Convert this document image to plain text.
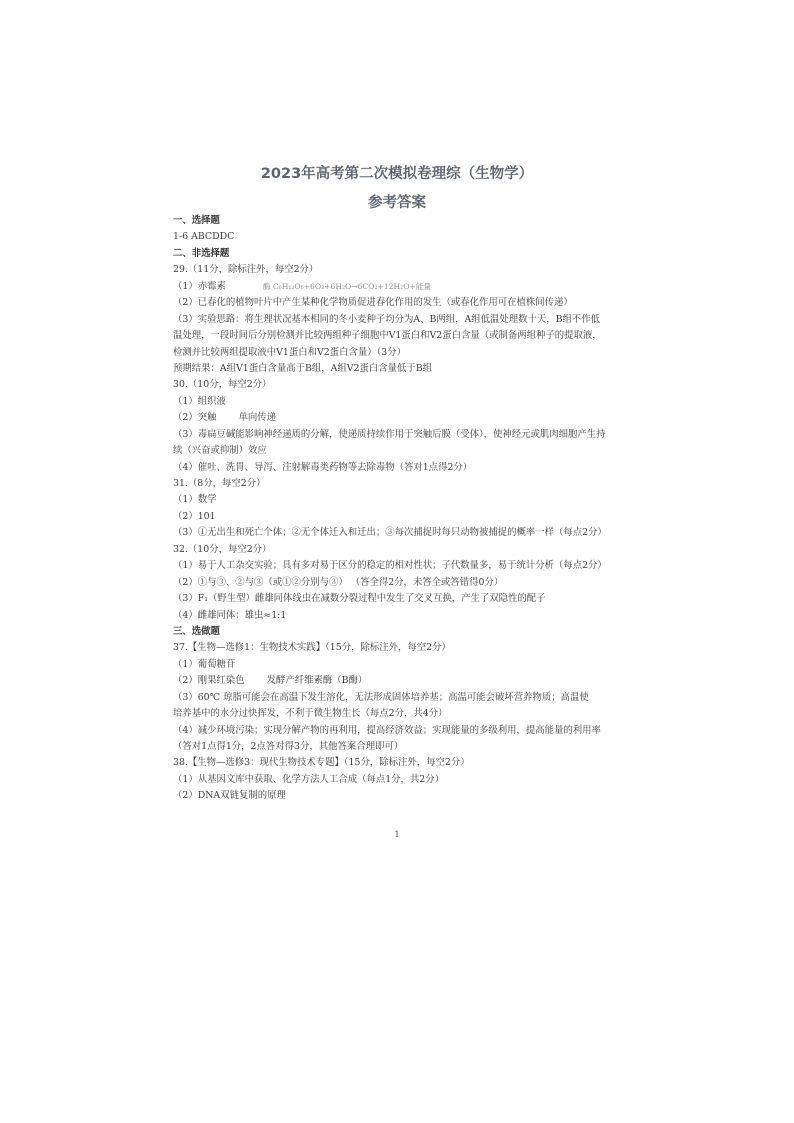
2023年高考第二次模拟卷理综（生物学）
参考答案
一、选择题
1-6 ABCDDC
二、非选择题
29.（11分，除标注外，每空2分）
（1）赤霉素	酶 C₆H₁₂O₆+6O₂+6H₂O→6CO₂+12H₂O+能量
（2）已春化的植物叶片中产生某种化学物质促进春化作用的发生（或春化作用可在植株间传递）
（3）实验思路：将生理状况基本相同的冬小麦种子均分为A、B两组，A组低温处理数十天，B组不作低
温处理，一段时间后分别检测并比较两组种子细胞中V1蛋白和V2蛋白含量（或制备两组种子的提取液，
检测并比较两组提取液中V1蛋白和V2蛋白含量）（3分）
预期结果：A组V1蛋白含量高于B组，A组V2蛋白含量低于B组
30.（10分，每空2分）
（1）组织液
（2）突触 单向传递
（3）毒扁豆碱能影响神经递质的分解，使递质持续作用于突触后膜（受体），使神经元或肌肉细胞产生持
续（兴奋或抑制）效应
（4）催吐、洗胃、导泻、注射解毒类药物等去除毒物（答对1点得2分）
31.（8分，每空2分）
（1）数学
（2）101
（3）①无出生和死亡个体；②无个体迁入和迁出；③每次捕捉时每只动物被捕捉的概率一样（每点2分）
32.（10分，每空2分）
（1）易于人工杂交实验；具有多对易于区分的稳定的相对性状；子代数量多，易于统计分析（每点2分）
（2）①与③、②与③（或①②分别与③） （答全得2分，未答全或答错得0分）
（3）F₁（野生型）雌雄同体线虫在减数分裂过程中发生了交叉互换，产生了双隐性的配子
（4）雌雄同体：雄虫≈1:1
三、选做题
37.【生物—选修1：生物技术实践】（15分，除标注外，每空2分）
（1）葡萄糖苷
（2）刚果红染色 发酵产纤维素酶（B酶）
（3）60℃ 琼脂可能会在高温下发生溶化，无法形成固体培养基；高温可能会破坏营养物质；高温使
培养基中的水分过快挥发，不利于微生物生长（每点2分，共4分）
（4）减少环境污染；实现分解产物的再利用，提高经济效益；实现能量的多级利用，提高能量的利用率
（答对1点得1分，2点答对得3分，其他答案合理即可）
38.【生物—选修3：现代生物技术专题】（15分，除标注外，每空2分）
（1）从基因文库中获取、化学方法人工合成（每点1分，共2分）
（2）DNA双链复制的原理
1
